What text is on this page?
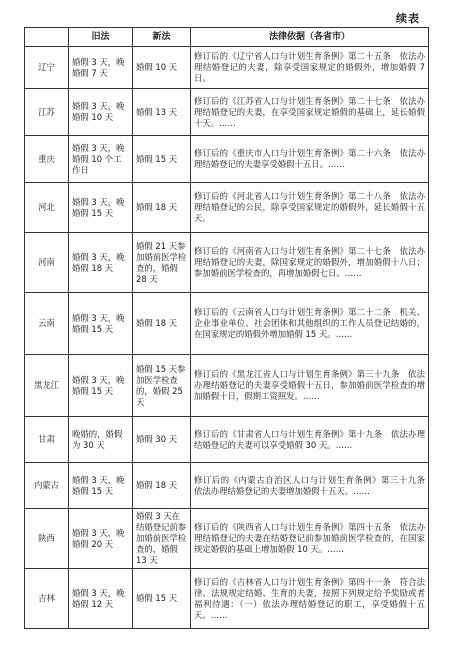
续表
	旧法	新法	法律依据（各省市）
辽宁	婚假 3 天，晚婚假 7 天	婚假 10 天	修订后的《辽宁省人口与计划生育条例》第二十五条　依法办理结婚登记的夫妻，除享受国家规定的婚假外，增加婚假 7 日。
江苏	婚假 3 天，晚婚假 10 天	婚假 13 天	修订后的《江苏省人口与计划生育条例》第二十七条　依法办理结婚登记的夫妻，在享受国家规定婚假的基础上，延长婚假十天。……
重庆	婚假 3 天，晚婚假 10 个工作日	婚假 15 天	修订后的《重庆市人口与计划生育条例》第二十六条　依法办理结婚登记的夫妻享受婚假十五日。……
河北	婚假 3 天，晚婚假 15 天	婚假 18 天	修订后的《河北省人口与计划生育条例》第二十八条　依法办理结婚登记的公民，除享受国家规定的婚假外，延长婚假十五天。
河南	婚假 3 天，晚婚假 18 天	婚假 21 天参加婚前医学检查的，婚假 28 天	修订后的《河南省人口与计划生育条例》第二十七条　依法办理结婚登记的夫妻，除国家规定的婚假外，增加婚假十八日；参加婚前医学检查的，再增加婚假七日。……
云南	婚假 3 天，晚婚假 15 天	婚假 18 天	修订后的《云南省人口与计划生育条例》第二十二条　机关、企业事业单位、社会团体和其他组织的工作人员登记结婚的，在国家规定的婚假外增加婚假 15 天。……
黑龙江	婚假 3 天，晚婚假 15 天	婚假 15 天参加医学检查的，婚假 25 天	修订后的《黑龙江省人口与计划生育条例》第三十九条　依法办理结婚登记的夫妻享受婚假十五日，参加婚前医学检查的增加婚假十日，假期工资照发。……
甘肃	晚婚的，婚假为 30 天	婚假 30 天	修订后的《甘肃省人口与计划生育条例》第十九条　依法办理结婚登记的夫妻可以享受婚假 30 天。……
内蒙古	婚假 3 天，晚婚假 15 天	婚假 18 天	修订后的《内蒙古自治区人口与计划生育条例》第三十九条　依法办理结婚登记的夫妻增加婚假十五天。……
陕西	婚假 3 天，晚婚假 20 天	婚假 3 天在结婚登记前参加婚前医学检查的，婚假 13 天	修订后的《陕西省人口与计划生育条例》第四十五条　依法办理结婚登记的夫妻在结婚登记前参加婚前医学检查的，在国家规定婚假的基础上增加婚假 10 天。……
吉林	婚假 3 天，晚婚假 12 天	婚假 15 天	修订后的《吉林省人口与计划生育条例》第四十一条　符合法律、法规规定结婚、生育的夫妻，按照下列规定给予奖励或者福利待遇：（一）依法办理结婚登记的职工，享受婚假十五天。……
